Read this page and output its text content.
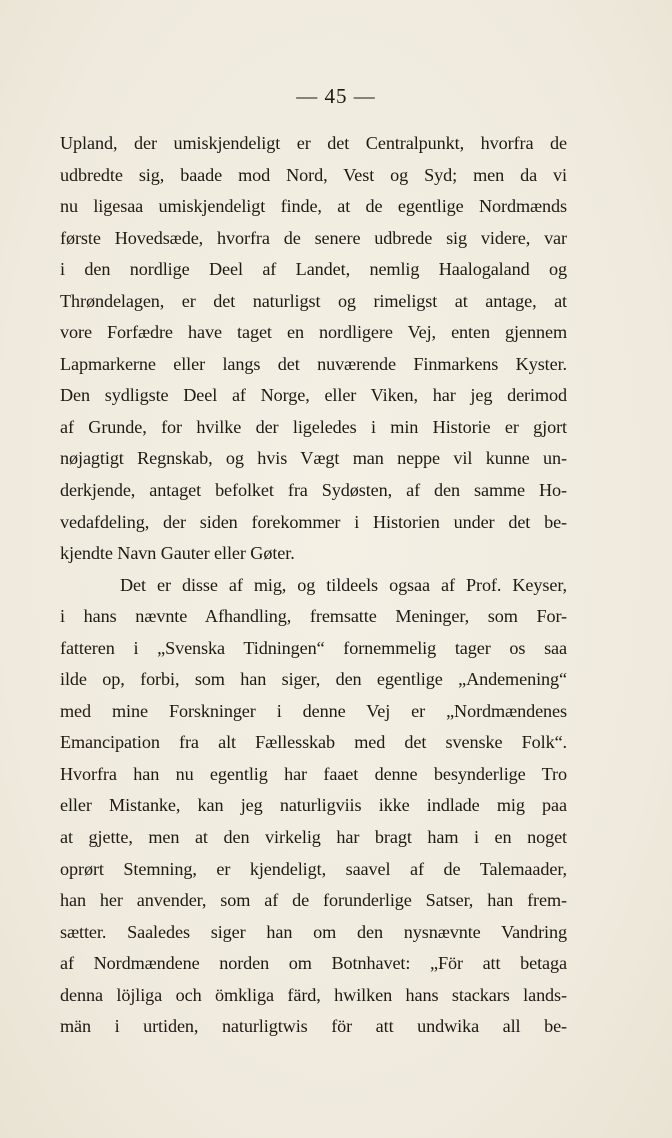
— 45 —
Upland, der umiskjendeligt er det Centralpunkt, hvorfra de
udbredte sig, baade mod Nord, Vest og Syd; men da vi
nu ligesaa umiskjendeligt finde, at de egentlige Nordmænds
første Hovedsæde, hvorfra de senere udbrede sig videre, var
i den nordlige Deel af Landet, nemlig Haalogaland og
Thrøndelagen, er det naturligst og rimeligst at antage, at
vore Forfædre have taget en nordligere Vej, enten gjennem
Lapmarkerne eller langs det nuværende Finmarkens Kyster.
Den sydligste Deel af Norge, eller Viken, har jeg derimod
af Grunde, for hvilke der ligeledes i min Historie er gjort
nøjagtigt Regnskab, og hvis Vægt man neppe vil kunne un-
derkjende, antaget befolket fra Sydøsten, af den samme Ho-
vedafdeling, der siden forekommer i Historien under det be-
kjendte Navn Gauter eller Gøter.
Det er disse af mig, og tildeels ogsaa af Prof. Keyser,
i hans nævnte Afhandling, fremsatte Meninger, som For-
fatteren i „Svenska Tidningen“ fornemmelig tager os saa
ilde op, forbi, som han siger, den egentlige „Andemening“
med mine Forskninger i denne Vej er „Nordmændenes
Emancipation fra alt Fællesskab med det svenske Folk“.
Hvorfra han nu egentlig har faaet denne besynderlige Tro
eller Mistanke, kan jeg naturligviis ikke indlade mig paa
at gjette, men at den virkelig har bragt ham i en noget
oprørt Stemning, er kjendeligt, saavel af de Talemaader,
han her anvender, som af de forunderlige Satser, han frem-
sætter. Saaledes siger han om den nysnævnte Vandring
af Nordmændene norden om Botnhavet: „För att betaga
denna löjliga och ömkliga färd, hwilken hans stackars lands-
män i urtiden, naturligtwis för att undwika all be-
